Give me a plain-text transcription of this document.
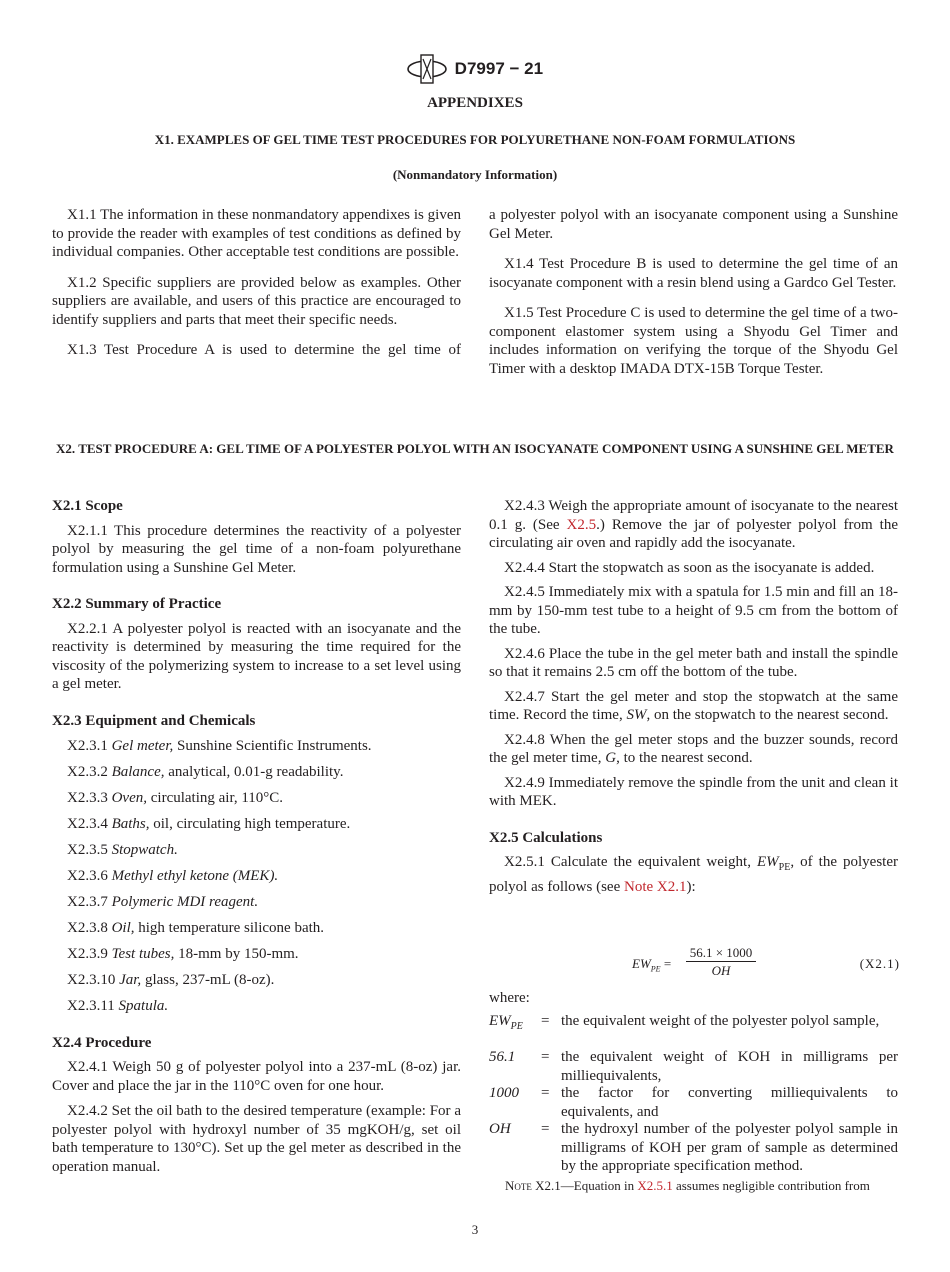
D7997 − 21
APPENDIXES
X1. EXAMPLES OF GEL TIME TEST PROCEDURES FOR POLYURETHANE NON-FOAM FORMULATIONS
(Nonmandatory Information)

X1.1 The information in these nonmandatory appendixes is given to provide the reader with examples of test conditions as defined by individual companies. Other acceptable test conditions are possible.

X1.2 Specific suppliers are provided below as examples. Other suppliers are available, and users of this practice are encouraged to identify suppliers and parts that meet their specific needs.

X1.3 Test Procedure A is used to determine the gel time of

a polyester polyol with an isocyanate component using a Sunshine Gel Meter.

X1.4 Test Procedure B is used to determine the gel time of an isocyanate component with a resin blend using a Gardco Gel Tester.

X1.5 Test Procedure C is used to determine the gel time of a two-component elastomer system using a Shyodu Gel Timer and includes information on verifying the torque of the Shyodu Gel Timer with a desktop IMADA DTX-15B Torque Tester.

X2. TEST PROCEDURE A: GEL TIME OF A POLYESTER POLYOL WITH AN ISOCYANATE COMPONENT USING A SUNSHINE GEL METER
X2.1 Scope

X2.1.1 This procedure determines the reactivity of a polyester polyol by measuring the gel time of a non-foam polyurethane formulation using a Sunshine Gel Meter.

X2.2 Summary of Practice

X2.2.1 A polyester polyol is reacted with an isocyanate and the reactivity is determined by measuring the time required for the viscosity of the polymerizing system to increase to a set level using a gel meter.

X2.3 Equipment and Chemicals

X2.3.1 Gel meter, Sunshine Scientific Instruments.

X2.3.2 Balance, analytical, 0.01-g readability.

X2.3.3 Oven, circulating air, 110°C.

X2.3.4 Baths, oil, circulating high temperature.

X2.3.5 Stopwatch.

X2.3.6 Methyl ethyl ketone (MEK).

X2.3.7 Polymeric MDI reagent.

X2.3.8 Oil, high temperature silicone bath.

X2.3.9 Test tubes, 18-mm by 150-mm.

X2.3.10 Jar, glass, 237-mL (8-oz).

X2.3.11 Spatula.

X2.4 Procedure

X2.4.1 Weigh 50 g of polyester polyol into a 237-mL (8-oz) jar. Cover and place the jar in the 110°C oven for one hour.

X2.4.2 Set the oil bath to the desired temperature (example: For a polyester polyol with hydroxyl number of 35 mgKOH/g, set oil bath temperature to 130°C). Set up the gel meter as described in the operation manual.

X2.4.3 Weigh the appropriate amount of isocyanate to the nearest 0.1 g. (See X2.5.) Remove the jar of polyester polyol from the circulating air oven and rapidly add the isocyanate.

X2.4.4 Start the stopwatch as soon as the isocyanate is added.

X2.4.5 Immediately mix with a spatula for 1.5 min and fill an 18-mm by 150-mm test tube to a height of 9.5 cm from the bottom of the tube.

X2.4.6 Place the tube in the gel meter bath and install the spindle so that it remains 2.5 cm off the bottom of the tube.

X2.4.7 Start the gel meter and stop the stopwatch at the same time. Record the time, SW, on the stopwatch to the nearest second.

X2.4.8 When the gel meter stops and the buzzer sounds, record the gel meter time, G, to the nearest second.

X2.4.9 Immediately remove the spindle from the unit and clean it with MEK.

X2.5 Calculations

X2.5.1 Calculate the equivalent weight, $EW_{PE}$, of the polyester polyol as follows (see Note X2.1):

$EW_{PE} = \frac{56.1 \times 1000}{OH}$	(X2.1)
where:
$EW_{PE}$ = the equivalent weight of the polyester polyol sample,
56.1 = the equivalent weight of KOH in milligrams per milliequivalents,
1000 = the factor for converting milliequivalents to equivalents, and
OH = the hydroxyl number of the polyester polyol sample in milligrams of KOH per gram of sample as determined by the appropriate specification method.
Note X2.1—Equation in X2.5.1 assumes negligible contribution from
3
